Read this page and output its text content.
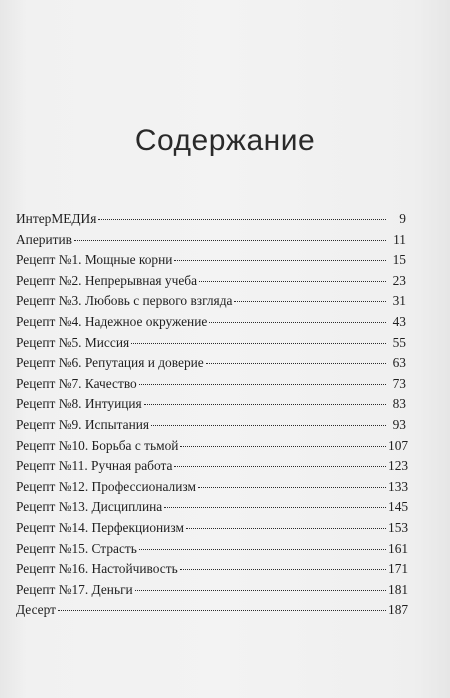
Содержание
ИнтерМЕДИя	9
Аперитив	11
Рецепт №1. Мощные корни	15
Рецепт №2. Непрерывная учеба	23
Рецепт №3. Любовь с первого взгляда	31
Рецепт №4. Надежное окружение	43
Рецепт №5. Миссия	55
Рецепт №6. Репутация и доверие	63
Рецепт №7. Качество	73
Рецепт №8. Интуиция	83
Рецепт №9. Испытания	93
Рецепт №10. Борьба с тьмой	107
Рецепт №11. Ручная работа	123
Рецепт №12. Профессионализм	133
Рецепт №13. Дисциплина	145
Рецепт №14. Перфекционизм	153
Рецепт №15. Страсть	161
Рецепт №16. Настойчивость	171
Рецепт №17. Деньги	181
Десерт	187
